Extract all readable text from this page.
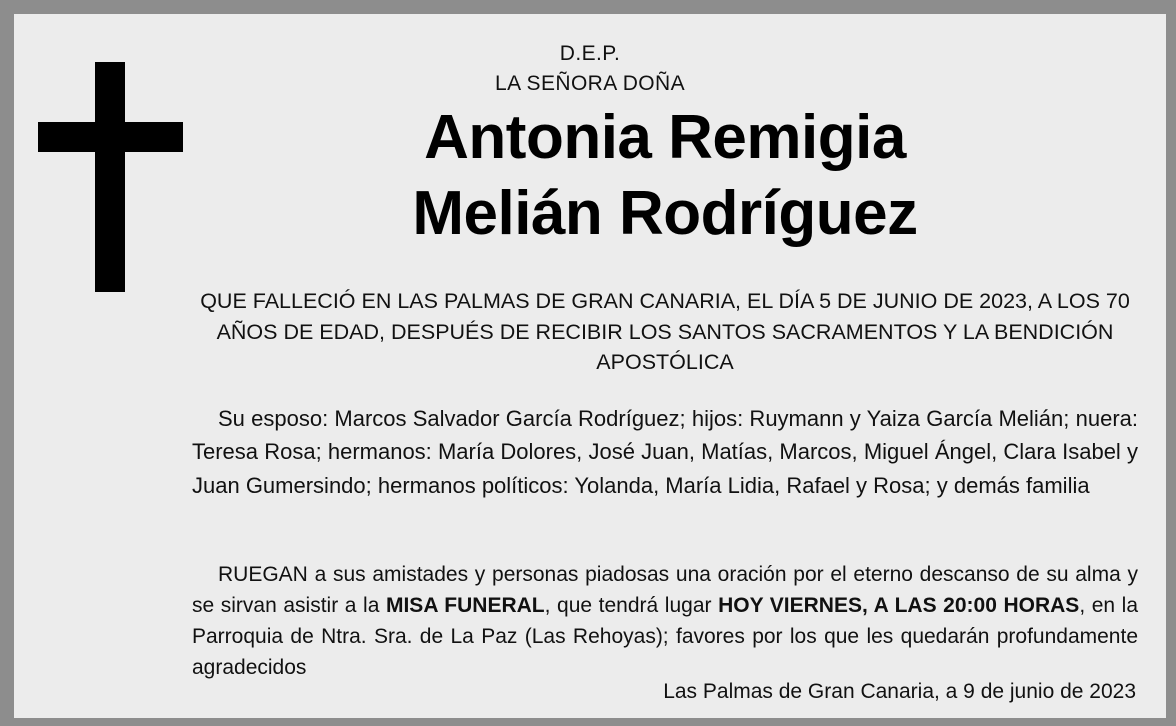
D.E.P.
LA SEÑORA DOÑA
Antonia Remigia
Melián Rodríguez
QUE FALLECIÓ EN LAS PALMAS DE GRAN CANARIA, EL DÍA 5 DE JUNIO DE 2023, A LOS 70 AÑOS DE EDAD, DESPUÉS DE RECIBIR LOS SANTOS SACRAMENTOS Y LA BENDICIÓN APOSTÓLICA
Su esposo: Marcos Salvador García Rodríguez; hijos: Ruymann y Yaiza García Melián; nuera: Teresa Rosa; hermanos: María Dolores, José Juan, Matías, Marcos, Miguel Ángel, Clara Isabel y Juan Gumersindo; hermanos políticos: Yolanda, María Lidia, Rafael y Rosa; y demás familia
RUEGAN a sus amistades y personas piadosas una oración por el eterno descanso de su alma y se sirvan asistir a la MISA FUNERAL, que tendrá lugar HOY VIERNES, A LAS 20:00 HORAS, en la Parroquia de Ntra. Sra. de La Paz (Las Rehoyas); favores por los que les quedarán profundamente agradecidos
Las Palmas de Gran Canaria, a 9 de junio de 2023
